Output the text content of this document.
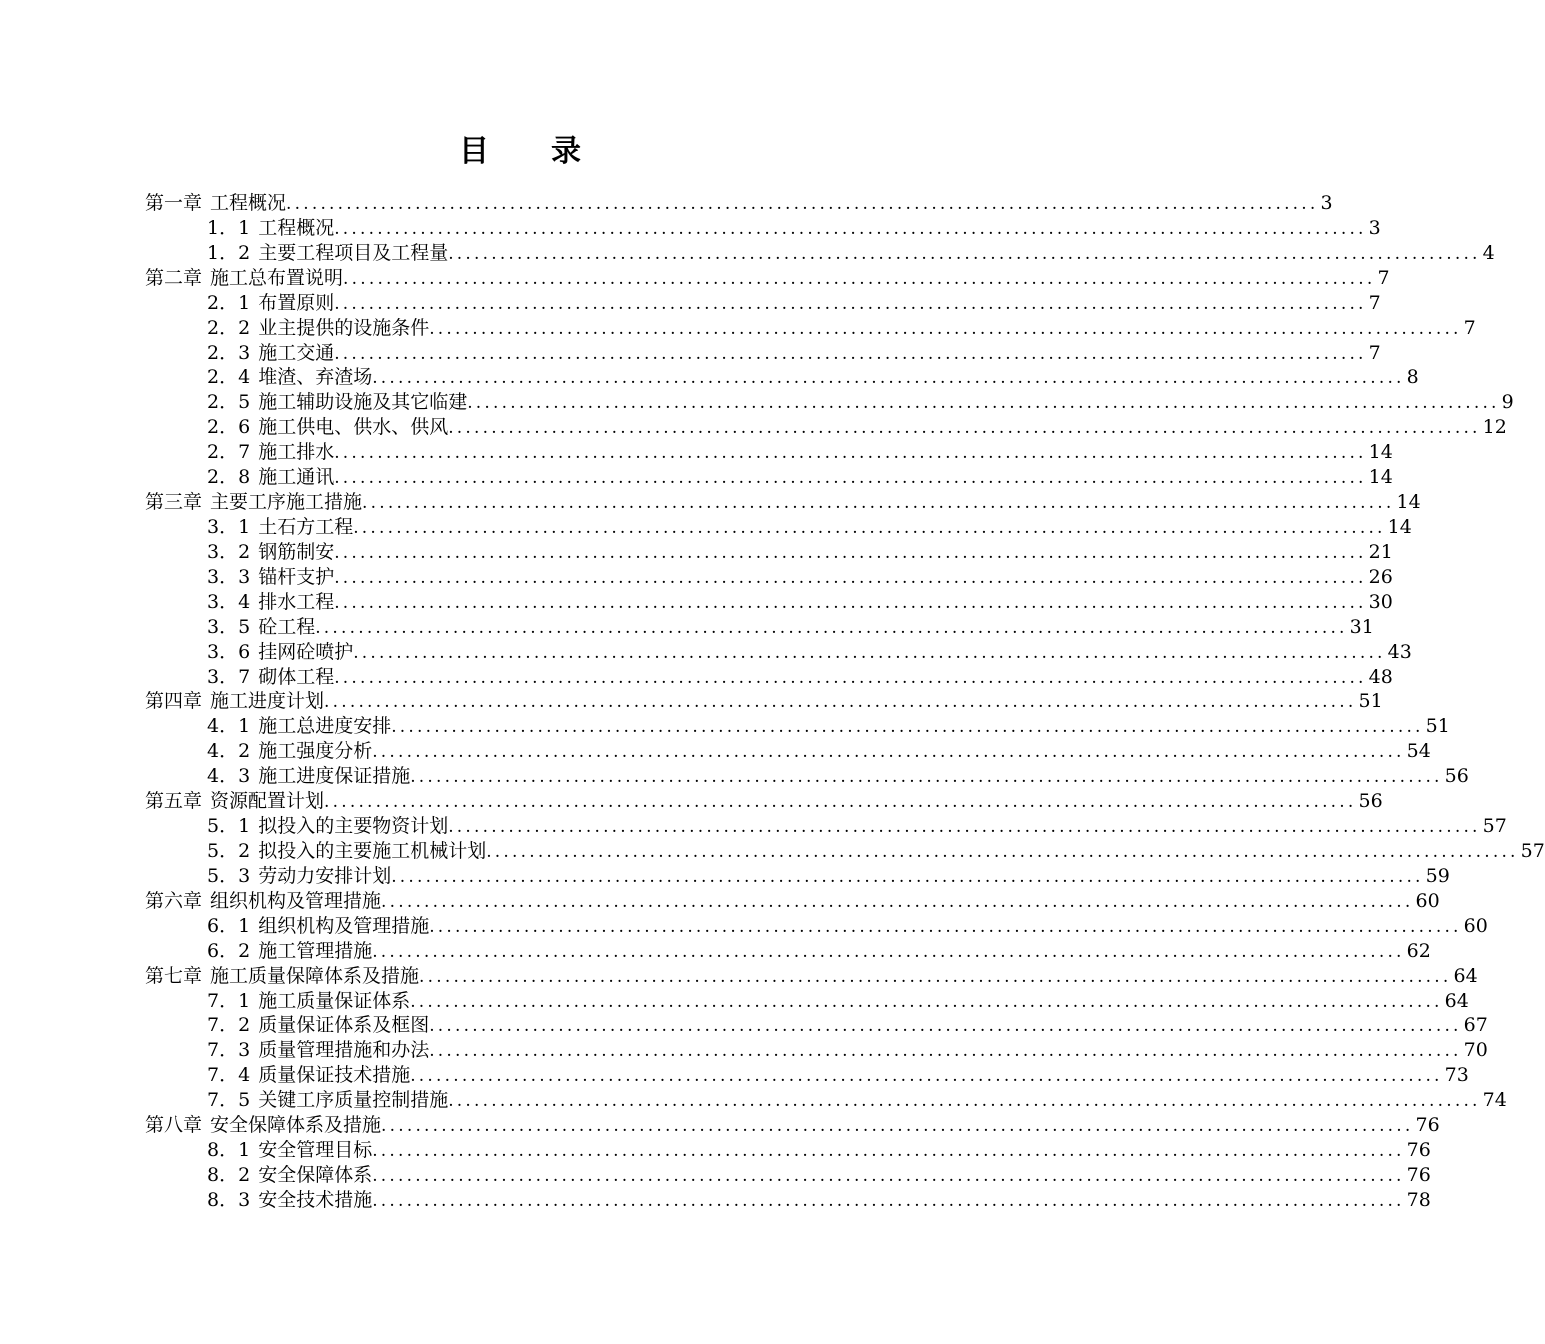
目 录
第一章 工程概况 ........................................................................................................................ 3
1．1 工程概况 ........................................................................................................................ 3
1．2 主要工程项目及工程量 ........................................................................................................................ 4
第二章 施工总布置说明 ........................................................................................................................ 7
2．1 布置原则 ........................................................................................................................ 7
2．2 业主提供的设施条件 ........................................................................................................................ 7
2．3 施工交通 ........................................................................................................................ 7
2．4 堆渣、弃渣场 ........................................................................................................................ 8
2．5 施工辅助设施及其它临建 ........................................................................................................................ 9
2．6 施工供电、供水、供风 ........................................................................................................................ 12
2．7 施工排水 ........................................................................................................................ 14
2．8 施工通讯 ........................................................................................................................ 14
第三章 主要工序施工措施 ........................................................................................................................ 14
3．1 土石方工程 ........................................................................................................................ 14
3．2 钢筋制安 ........................................................................................................................ 21
3．3 锚杆支护 ........................................................................................................................ 26
3．4 排水工程 ........................................................................................................................ 30
3．5 砼工程 ........................................................................................................................ 31
3．6 挂网砼喷护 ........................................................................................................................ 43
3．7 砌体工程 ........................................................................................................................ 48
第四章 施工进度计划 ........................................................................................................................ 51
4．1 施工总进度安排 ........................................................................................................................ 51
4．2 施工强度分析 ........................................................................................................................ 54
4．3 施工进度保证措施 ........................................................................................................................ 56
第五章 资源配置计划 ........................................................................................................................ 56
5．1 拟投入的主要物资计划 ........................................................................................................................ 57
5．2 拟投入的主要施工机械计划 ........................................................................................................................ 57
5．3 劳动力安排计划 ........................................................................................................................ 59
第六章 组织机构及管理措施 ........................................................................................................................ 60
6．1 组织机构及管理措施 ........................................................................................................................ 60
6．2 施工管理措施 ........................................................................................................................ 62
第七章 施工质量保障体系及措施 ........................................................................................................................ 64
7．1 施工质量保证体系 ........................................................................................................................ 64
7．2 质量保证体系及框图 ........................................................................................................................ 67
7．3 质量管理措施和办法 ........................................................................................................................ 70
7．4 质量保证技术措施 ........................................................................................................................ 73
7．5 关键工序质量控制措施 ........................................................................................................................ 74
第八章 安全保障体系及措施 ........................................................................................................................ 76
8．1 安全管理目标 ........................................................................................................................ 76
8．2 安全保障体系 ........................................................................................................................ 76
8．3 安全技术措施 ........................................................................................................................ 78
